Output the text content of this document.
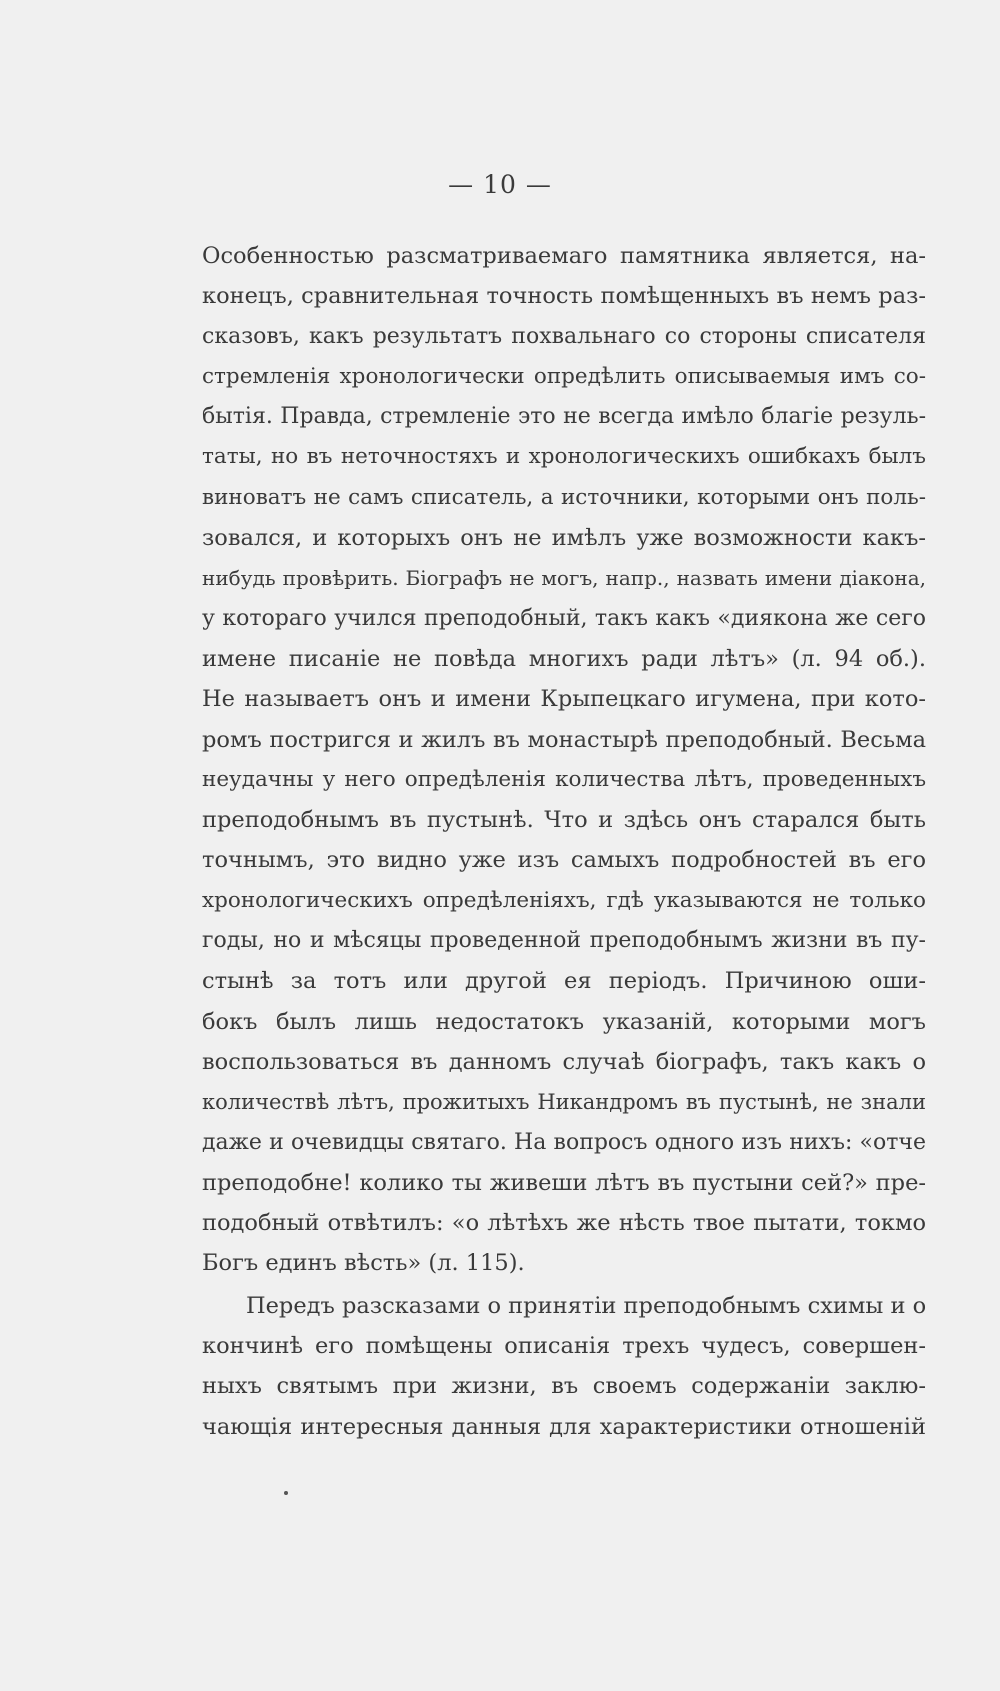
— 10 —
Особенностью разсматриваемаго памятника является, на-
конецъ, сравнительная точность помѣщенныхъ въ немъ раз-
сказовъ, какъ результатъ похвальнаго со стороны списателя
стремленія хронологически опредѣлить описываемыя имъ со-
бытія. Правда, стремленіе это не всегда имѣло благіе резуль-
таты, но въ неточностяхъ и хронологическихъ ошибкахъ былъ
виноватъ не самъ списатель, а источники, которыми онъ поль-
зовался, и которыхъ онъ не имѣлъ уже возможности какъ-
нибудь провѣрить. Біографъ не могъ, напр., назвать имени діакона,
у котораго учился преподобный, такъ какъ «диякона же сего
имене писаніе не повѣда многихъ ради лѣтъ» (л. 94 об.).
Не называетъ онъ и имени Крыпецкаго игумена, при кото-
ромъ постригся и жилъ въ монастырѣ преподобный. Весьма
неудачны у него опредѣленія количества лѣтъ, проведенныхъ
преподобнымъ въ пустынѣ. Что и здѣсь онъ старался быть
точнымъ, это видно уже изъ самыхъ подробностей въ его
хронологическихъ опредѣленіяхъ, гдѣ указываются не только
годы, но и мѣсяцы проведенной преподобнымъ жизни въ пу-
стынѣ за тотъ или другой ея періодъ. Причиною оши-
бокъ былъ лишь недостатокъ указаній, которыми могъ
воспользоваться въ данномъ случаѣ біографъ, такъ какъ о
количествѣ лѣтъ, прожитыхъ Никандромъ въ пустынѣ, не знали
даже и очевидцы святаго. На вопросъ одного изъ нихъ: «отче
преподобне! колико ты живеши лѣтъ въ пустыни сей?» пре-
подобный отвѣтилъ: «о лѣтѣхъ же нѣсть твое пытати, токмо
Богъ единъ вѣсть» (л. 115).
Передъ разсказами о принятіи преподобнымъ схимы и о
кончинѣ его помѣщены описанія трехъ чудесъ, совершен-
ныхъ святымъ при жизни, въ своемъ содержаніи заклю-
чающія интересныя данныя для характеристики отношеній
